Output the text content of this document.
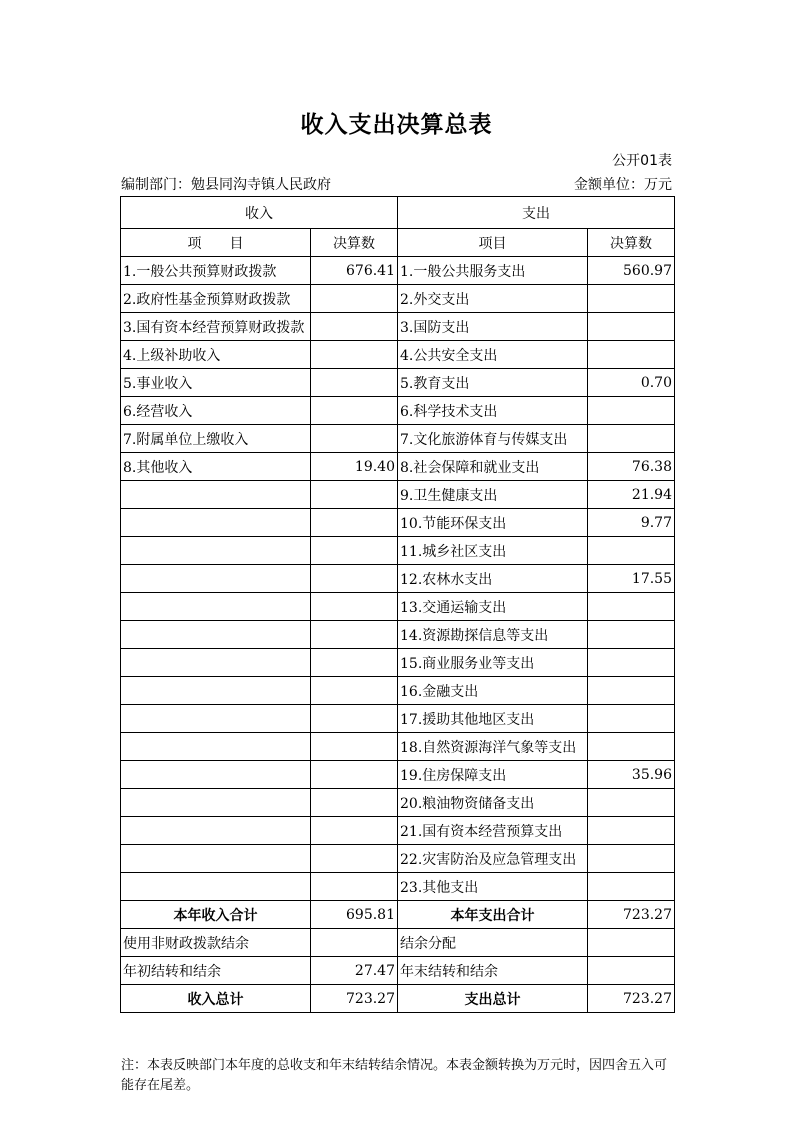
收入支出决算总表
公开01表
编制部门：勉县同沟寺镇人民政府	金额单位：万元
收入		支出	
项　　目	决算数	项目	决算数
1.一般公共预算财政拨款	676.41	1.一般公共服务支出	560.97
2.政府性基金预算财政拨款		2.外交支出	
3.国有资本经营预算财政拨款		3.国防支出	
4.上级补助收入		4.公共安全支出	
5.事业收入		5.教育支出	0.70
6.经营收入		6.科学技术支出	
7.附属单位上缴收入		7.文化旅游体育与传媒支出	
8.其他收入	19.40	8.社会保障和就业支出	76.38
		9.卫生健康支出	21.94
		10.节能环保支出	9.77
		11.城乡社区支出	
		12.农林水支出	17.55
		13.交通运输支出	
		14.资源勘探信息等支出	
		15.商业服务业等支出	
		16.金融支出	
		17.援助其他地区支出	
		18.自然资源海洋气象等支出	
		19.住房保障支出	35.96
		20.粮油物资储备支出	
		21.国有资本经营预算支出	
		22.灾害防治及应急管理支出	
		23.其他支出	
本年收入合计	695.81	本年支出合计	723.27
使用非财政拨款结余		结余分配	
年初结转和结余	27.47	年末结转和结余	
收入总计	723.27	支出总计	723.27
注：本表反映部门本年度的总收支和年末结转结余情况。本表金额转换为万元时，因四舍五入可能存在尾差。
